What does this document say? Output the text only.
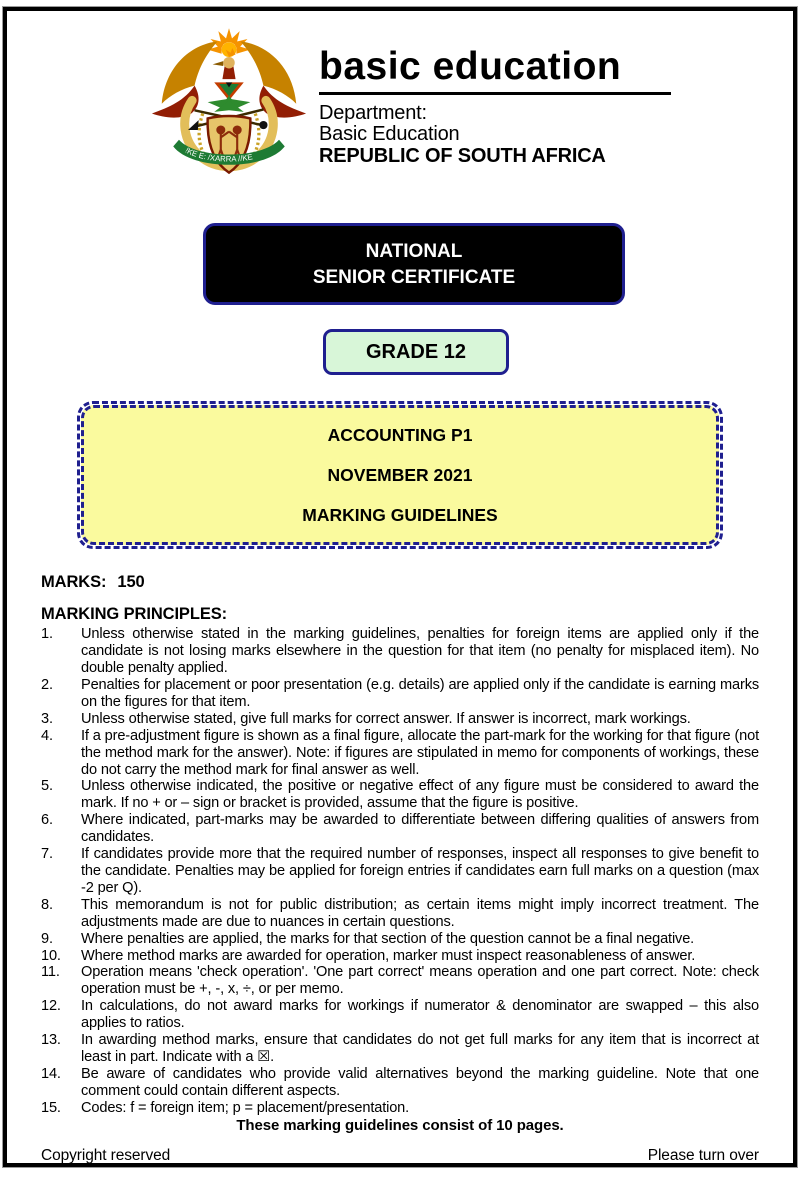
!KE E: /XARRA //KE
basic education
Department:
Basic Education
REPUBLIC OF SOUTH AFRICA
NATIONAL
SENIOR CERTIFICATE
GRADE 12
ACCOUNTING P1
NOVEMBER 2021
MARKING GUIDELINES
MARKS: 150
MARKING PRINCIPLES:
1.	Unless otherwise stated in the marking guidelines, penalties for foreign items are applied only if the candidate is not losing marks elsewhere in the question for that item (no penalty for misplaced item). No double penalty applied.
2.	Penalties for placement or poor presentation (e.g. details) are applied only if the candidate is earning marks on the figures for that item.
3.	Unless otherwise stated, give full marks for correct answer. If answer is incorrect, mark workings.
4.	If a pre-adjustment figure is shown as a final figure, allocate the part-mark for the working for that figure (not the method mark for the answer). Note: if figures are stipulated in memo for components of workings, these do not carry the method mark for final answer as well.
5.	Unless otherwise indicated, the positive or negative effect of any figure must be considered to award the mark. If no + or – sign or bracket is provided, assume that the figure is positive.
6.	Where indicated, part-marks may be awarded to differentiate between differing qualities of answers from candidates.
7.	If candidates provide more that the required number of responses, inspect all responses to give benefit to the candidate. Penalties may be applied for foreign entries if candidates earn full marks on a question (max -2 per Q).
8.	This memorandum is not for public distribution; as certain items might imply incorrect treatment. The adjustments made are due to nuances in certain questions.
9.	Where penalties are applied, the marks for that section of the question cannot be a final negative.
10.	Where method marks are awarded for operation, marker must inspect reasonableness of answer.
11.	Operation means 'check operation'. 'One part correct' means operation and one part correct. Note: check operation must be +, -, x, ÷, or per memo.
12.	In calculations, do not award marks for workings if numerator & denominator are swapped – this also applies to ratios.
13.	In awarding method marks, ensure that candidates do not get full marks for any item that is incorrect at least in part. Indicate with a ☒.
14.	Be aware of candidates who provide valid alternatives beyond the marking guideline. Note that one comment could contain different aspects.
15.	Codes: f = foreign item; p = placement/presentation.
These marking guidelines consist of 10 pages.
Copyright reserved	Please turn over
